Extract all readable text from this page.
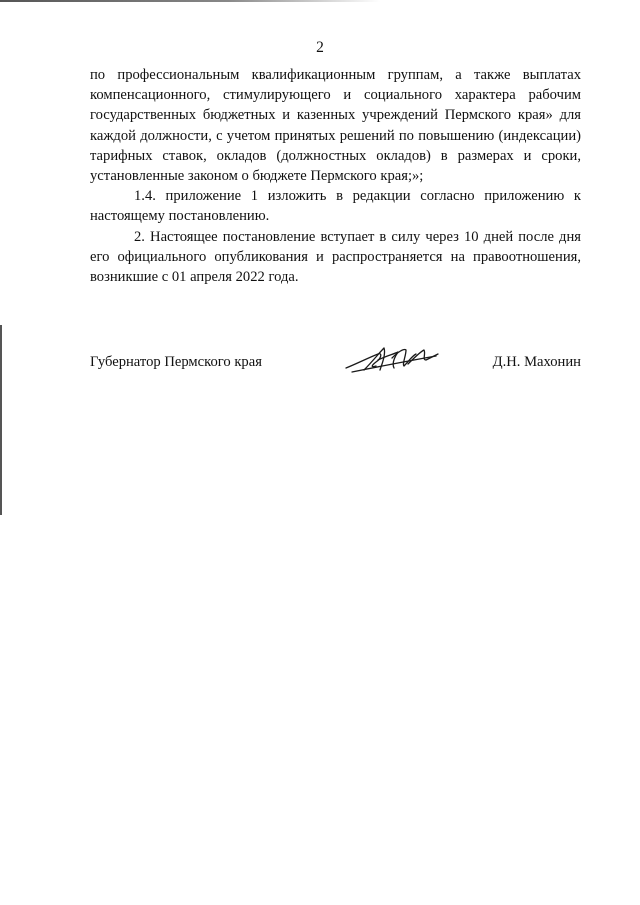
2

по профессиональным квалификационным группам, а также выплатах компенсационного, стимулирующего и социального характера рабочим государственных бюджетных и казенных учреждений Пермского края» для каждой должности, с учетом принятых решений по повышению (индексации) тарифных ставок, окладов (должностных окладов) в размерах и сроки, установленные законом о бюджете Пермского края;»;

1.4. приложение 1 изложить в редакции согласно приложению к настоящему постановлению.

2. Настоящее постановление вступает в силу через 10 дней после дня его официального опубликования и распространяется на правоотношения, возникшие с 01 апреля 2022 года.

Губернатор Пермского края	Д.Н. Махонин
